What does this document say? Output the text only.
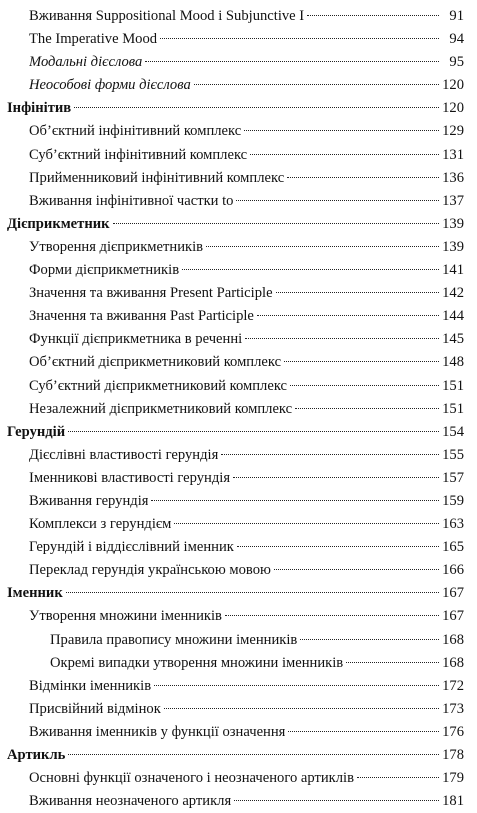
Вживання Suppositional Mood і Subjunctive I	91
The Imperative Mood	94
Модальні дієслова	95
Неособові форми дієслова	120
Інфінітив	120
Об’єктний інфінітивний комплекс	129
Суб’єктний інфінітивний комплекс	131
Прийменниковий інфінітивний комплекс	136
Вживання інфінітивної частки to	137
Дієприкметник	139
Утворення дієприкметників	139
Форми дієприкметників	141
Значення та вживання Present Participle	142
Значення та вживання Past Participle	144
Функції дієприкметника в реченні	145
Об’єктний дієприкметниковий комплекс	148
Суб’єктний дієприкметниковий комплекс	151
Незалежний дієприкметниковий комплекс	151
Герундій	154
Дієслівні властивості герундія	155
Іменникові властивості герундія	157
Вживання герундія	159
Комплекси з герундієм	163
Герундій і віддієслівний іменник	165
Переклад герундія українською мовою	166
Іменник	167
Утворення множини іменників	167
Правила правопису множини іменників	168
Окремі випадки утворення множини іменників	168
Відмінки іменників	172
Присвійний відмінок	173
Вживання іменників у функції означення	176
Артикль	178
Основні функції означеного і неозначеного артиклів	179
Вживання неозначеного артикля	181
